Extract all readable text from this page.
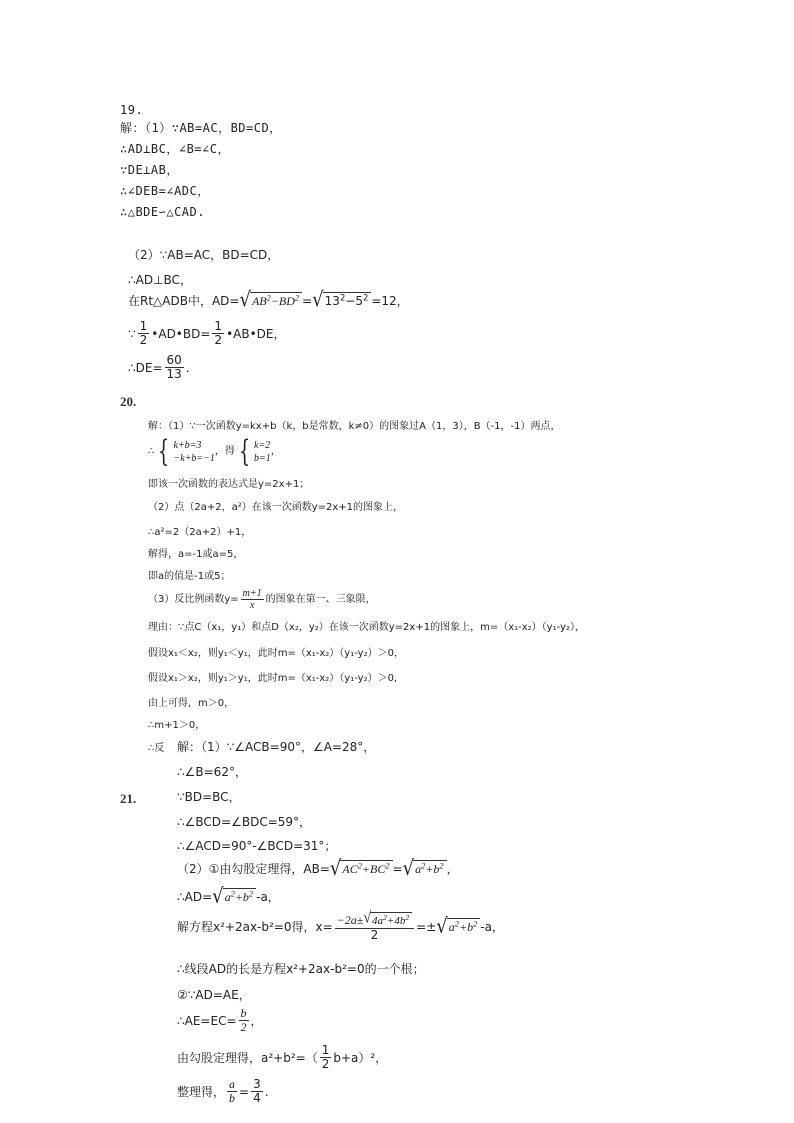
19.
解：（1）∵AB=AC，BD=CD，
∴AD⊥BC，∠B=∠C，
∵DE⊥AB，
∴∠DEB=∠ADC，
∴△BDE∽△CAD.
（2）∵AB=AC，BD=CD，
∴AD⊥BC，
在Rt△ADB中，AD= √ $AB^2-BD^2$ = √ $13^2-5^2 =12$，
∵ $\frac{1}{2}$ •AD•BD= $\frac{1}{2}$ •AB•DE，
∴DE= $\frac{60}{13}$ .
20.
解：（1）∵一次函数y=kx+b（k，b是常数，k≠0）的图象过A（1，3），B（-1，-1）两点，
∴ { k+b=3
−k+b=−1
，得 { k=2
b=1
，
即该一次函数的表达式是y=2x+1；
（2）点（2a+2，a²）在该一次函数y=2x+1的图象上，
∴a²=2（2a+2）+1，
解得，a=-1或a=5，
即a的值是-1或5；
（3）反比例函数$y= \frac{m+1}{x}$ 的图象在第一、三象限，
理由：∵点C（x₁，y₁）和点D（x₂，y₂）在该一次函数y=2x+1的图象上，m=（x₁-x₂）（y₁-y₂），
假设x₁＜x₂，则y₁＜y₁，此时m=（x₁-x₂）（y₁-y₂）＞0，
假设x₁＞x₂，则y₁＞y₁，此时m=（x₁-x₂）（y₁-y₂）＞0，
由上可得，m＞0，
∴m+1＞0，
∴反 解：（1）∵∠ACB=90°，∠A=28°，
∴∠B=62°，
21.	∵BD=BC，
∴∠BCD=∠BDC=59°，
∴∠ACD=90°-∠BCD=31°；
（2）①由勾股定理得，AB= √ $AC^2+BC^2$ = √ $a^2+b^2$ ，
∴AD= √ $a^2+b^2$ -a，
解方程x²+2ax-b²=0得，$x= \frac{-2a\pm √ 4a^2+4b^2}{2}$ =± √ $a^2+b^2$ -a，
∴线段AD的长是方程x²+2ax-b²=0的一个根；
②∵AD=AE，
∴AE=EC= $\frac{b}{2}$ ，
由勾股定理得，$a^2+b^2=( \frac{1}{2} b+a)^2$，
整理得， $\frac{a}{b} = \frac{3}{4}$ .
